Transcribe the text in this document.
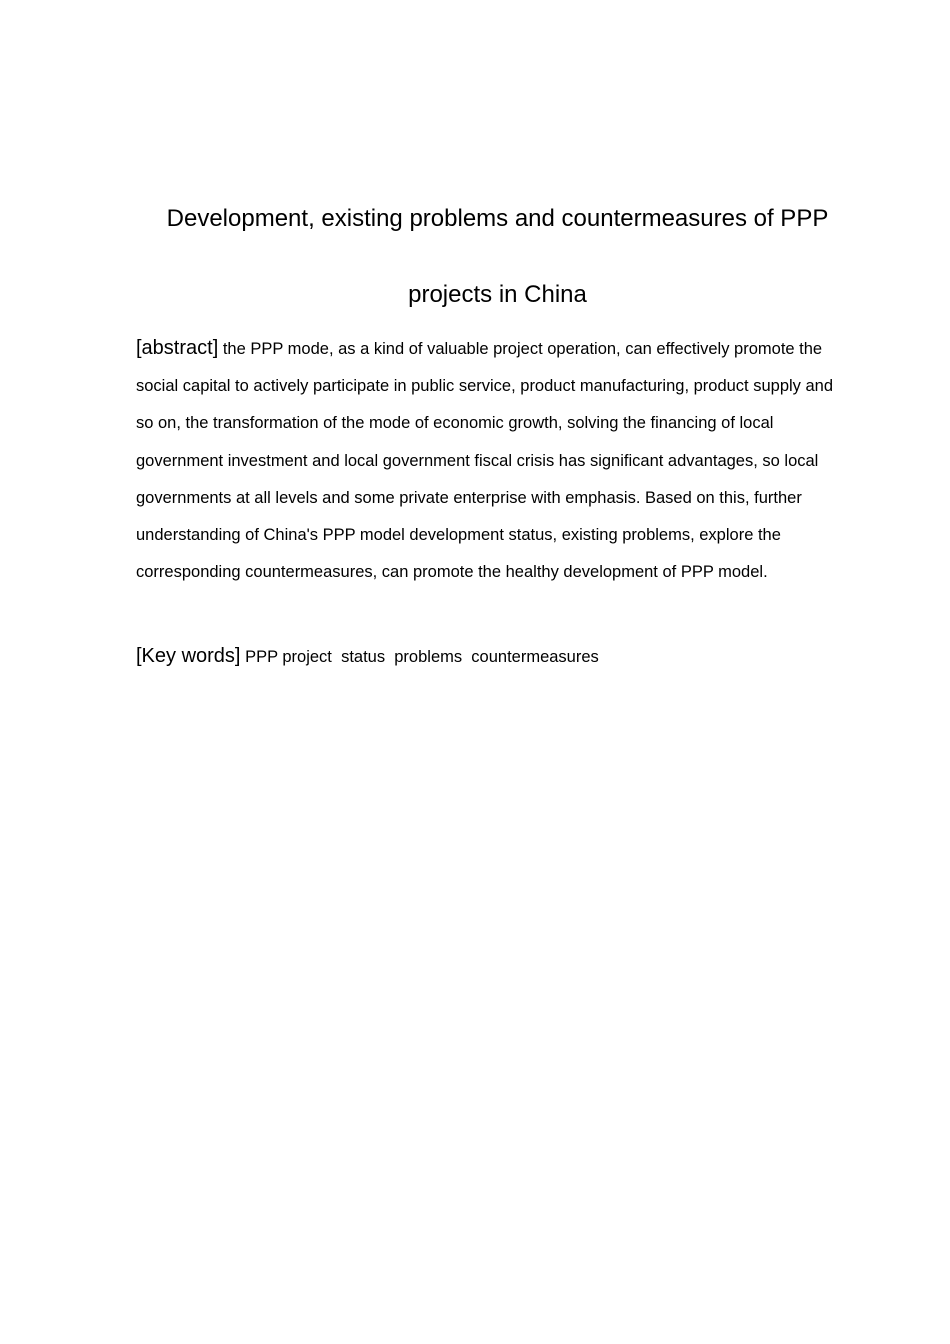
Development, existing problems and countermeasures of PPP
projects in China

[abstract] the PPP mode, as a kind of valuable project operation, can effectively promote the social capital to actively participate in public service, product manufacturing, product supply and so on, the transformation of the mode of economic growth, solving the financing of local government investment and local government fiscal crisis has significant advantages, so local governments at all levels and some private enterprise with emphasis. Based on this, further understanding of China's PPP model development status, existing problems, explore the corresponding countermeasures, can promote the healthy development of PPP model.

[Key words] PPP project  status  problems  countermeasures
